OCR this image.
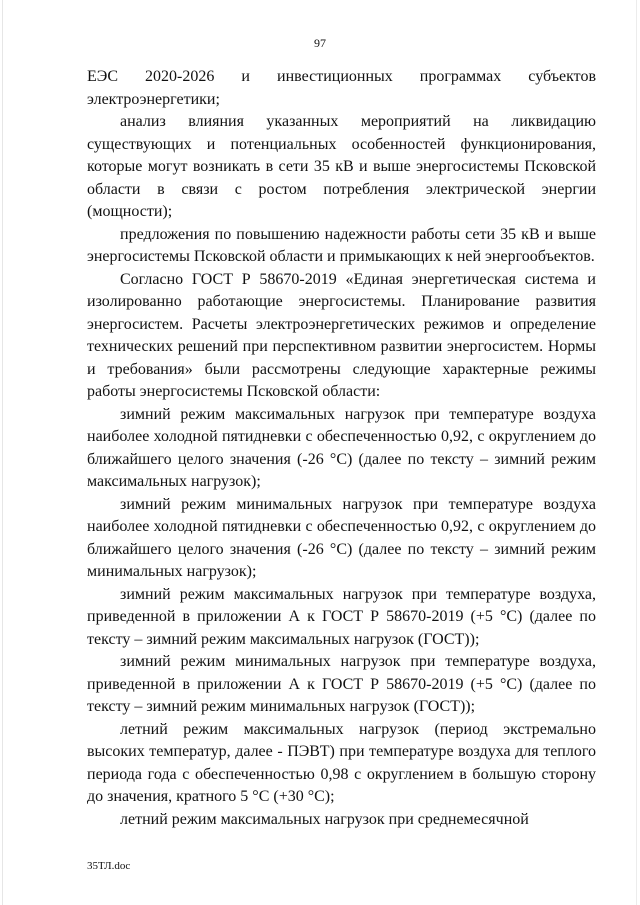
97

ЕЭС 2020-2026 и инвестиционных программах субъектов электроэнергетики;

анализ влияния указанных мероприятий на ликвидацию существующих и потенциальных особенностей функционирования, которые могут возникать в сети 35 кВ и выше энергосистемы Псковской области в связи с ростом потребления электрической энергии (мощности);

предложения по повышению надежности работы сети 35 кВ и выше энергосистемы Псковской области и примыкающих к ней энергообъектов.

Согласно ГОСТ Р 58670-2019 «Единая энергетическая система и изолированно работающие энергосистемы. Планирование развития энергосистем. Расчеты электроэнергетических режимов и определение технических решений при перспективном развитии энергосистем. Нормы и требования» были рассмотрены следующие характерные режимы работы энергосистемы Псковской области:

зимний режим максимальных нагрузок при температуре воздуха наиболее холодной пятидневки с обеспеченностью 0,92, с округлением до ближайшего целого значения (-26 °С) (далее по тексту – зимний режим максимальных нагрузок);

зимний режим минимальных нагрузок при температуре воздуха наиболее холодной пятидневки с обеспеченностью 0,92, с округлением до ближайшего целого значения (-26 °С) (далее по тексту – зимний режим минимальных нагрузок);

зимний режим максимальных нагрузок при температуре воздуха, приведенной в приложении А к ГОСТ Р 58670-2019 (+5 °С) (далее по тексту – зимний режим максимальных нагрузок (ГОСТ));

зимний режим минимальных нагрузок при температуре воздуха, приведенной в приложении А к ГОСТ Р 58670-2019 (+5 °С) (далее по тексту – зимний режим минимальных нагрузок (ГОСТ));

летний режим максимальных нагрузок (период экстремально высоких температур, далее - ПЭВТ) при температуре воздуха для теплого периода года с обеспеченностью 0,98 с округлением в большую сторону до значения, кратного 5 °С (+30 °С);

летний режим максимальных нагрузок при среднемесячной

35ТЛ.doc
